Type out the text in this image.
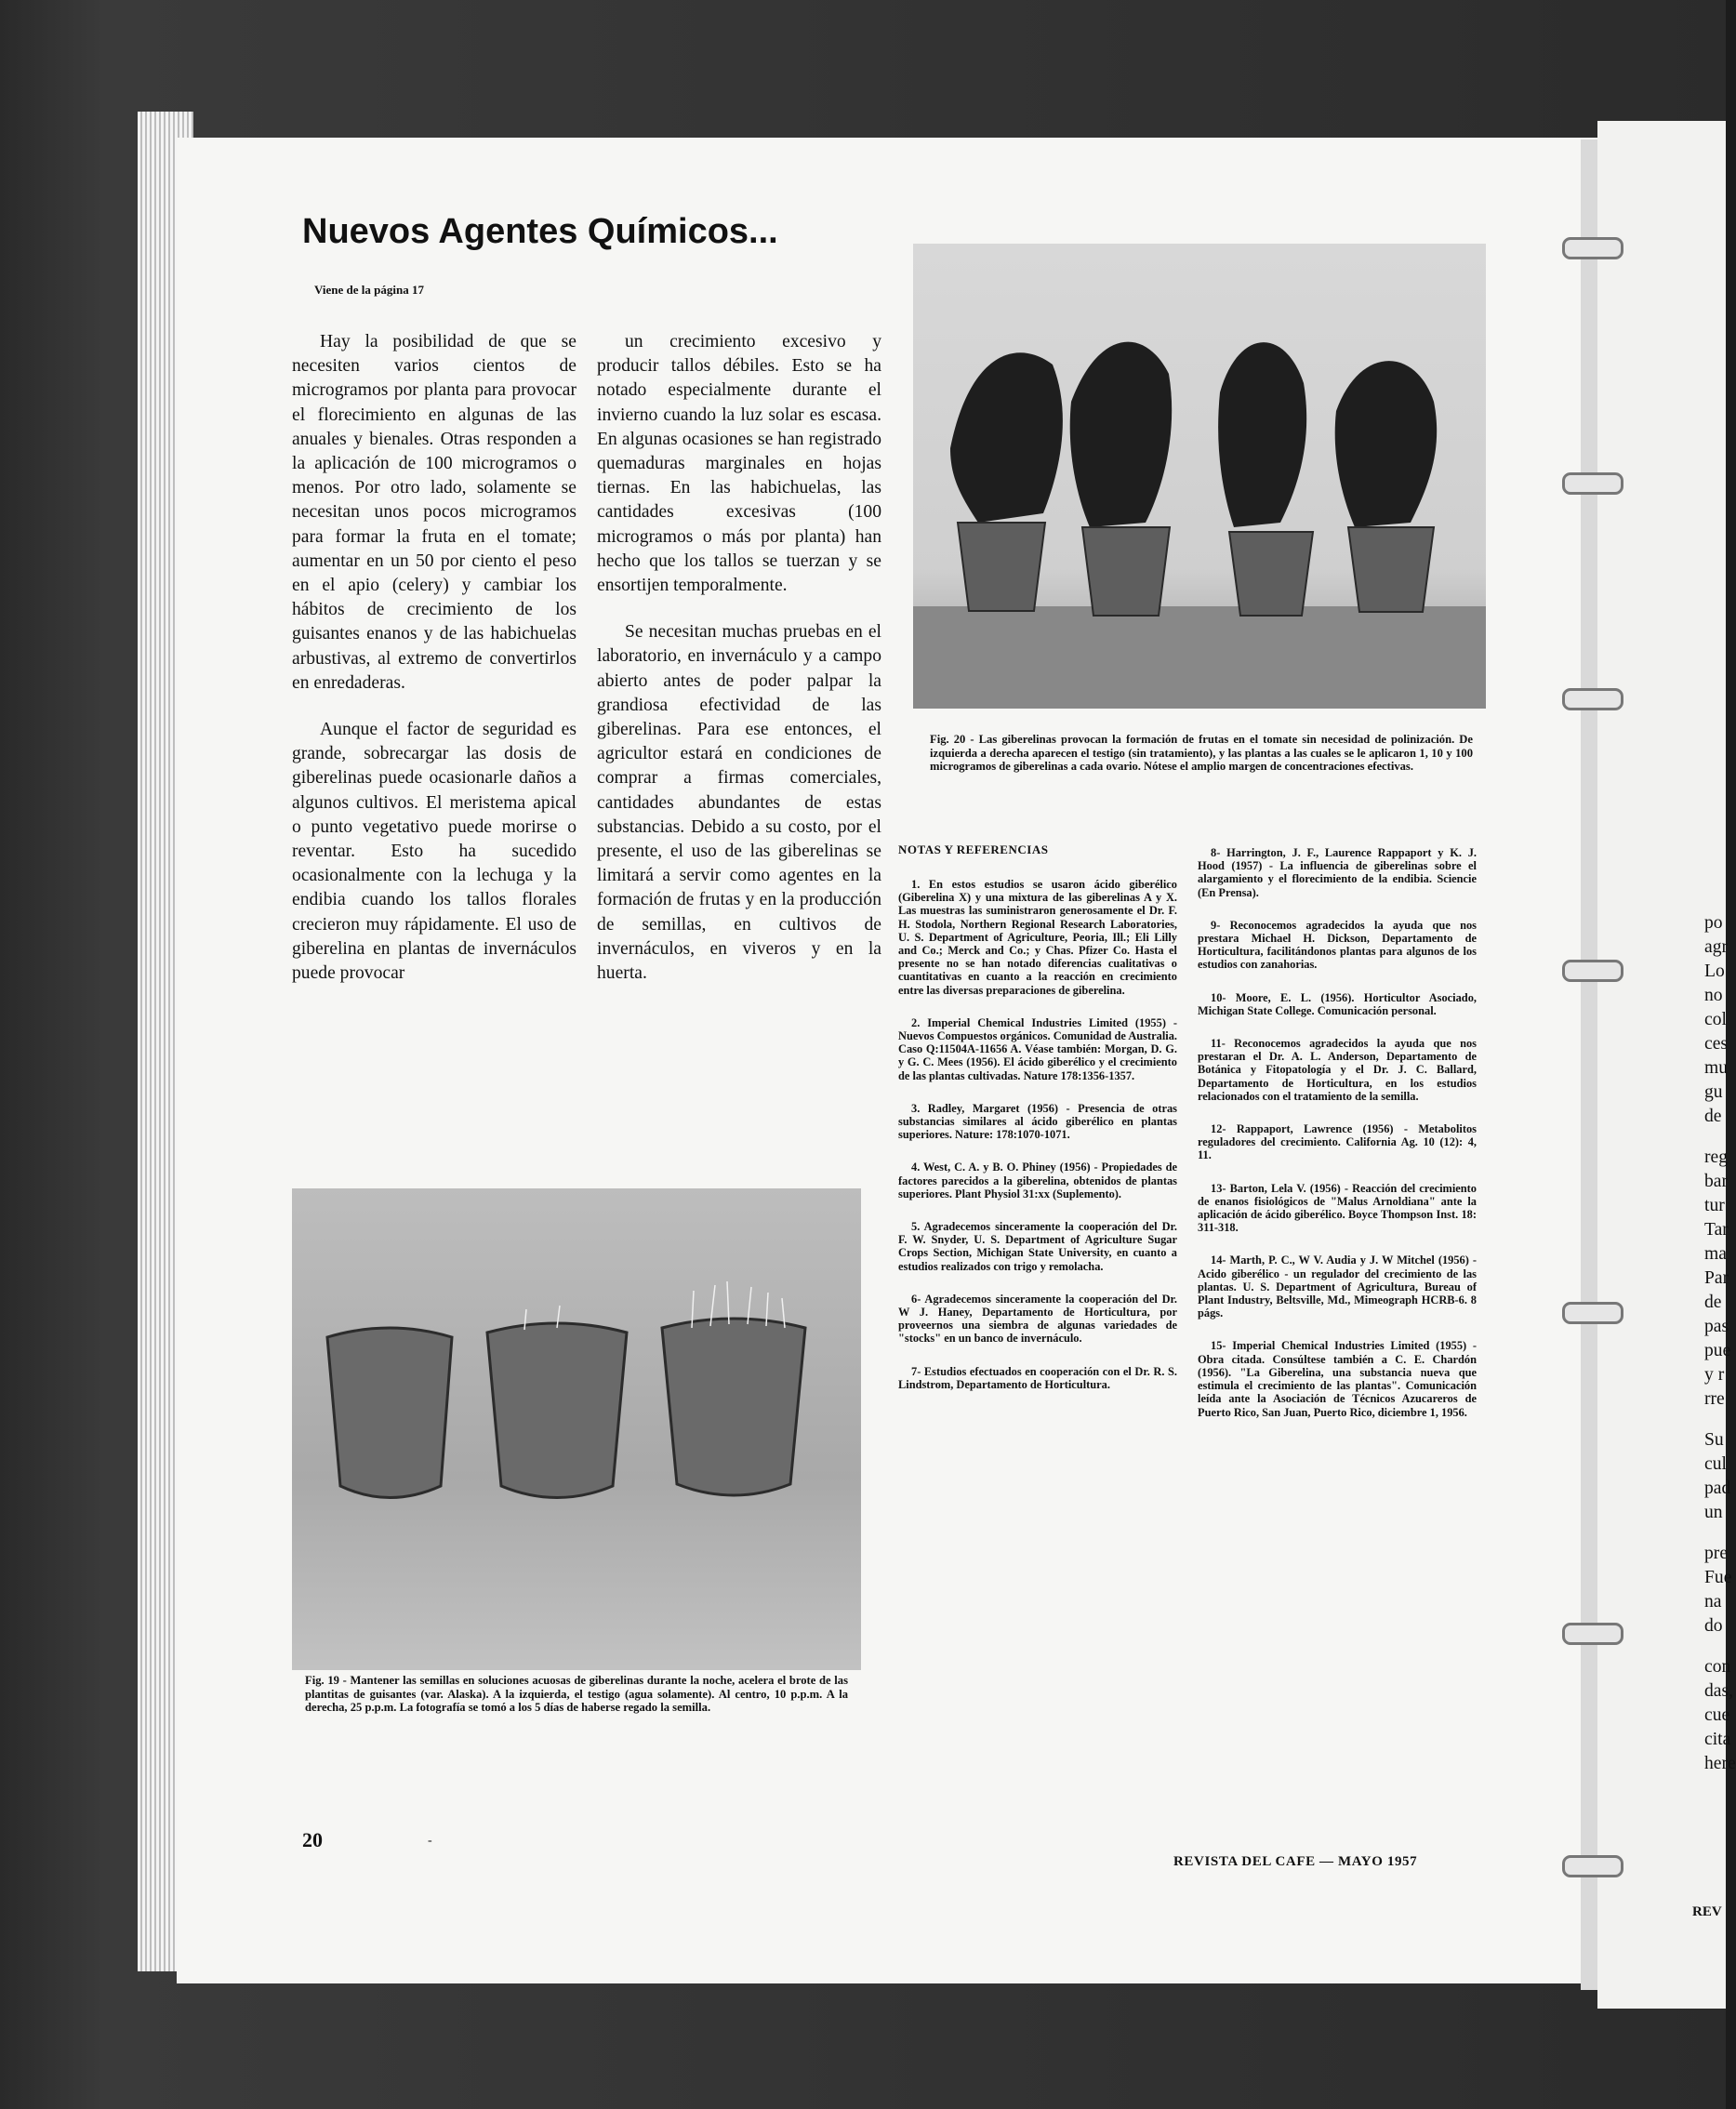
Nuevos Agentes Químicos...
Viene de la página 17

Hay la posibilidad de que se necesiten varios cientos de microgramos por planta para provocar el florecimiento en algunas de las anuales y bienales. Otras responden a la aplicación de 100 microgramos o menos. Por otro lado, solamente se necesitan unos pocos microgramos para formar la fruta en el tomate; aumentar en un 50 por ciento el peso en el apio (celery) y cambiar los hábitos de crecimiento de los guisantes enanos y de las habichuelas arbustivas, al extremo de convertirlos en enredaderas.

Aunque el factor de seguridad es grande, sobrecargar las dosis de giberelinas puede ocasionarle daños a algunos cultivos. El meristema apical o punto vegetativo puede morirse o reventar. Esto ha sucedido ocasionalmente con la lechuga y la endibia cuando los tallos florales crecieron muy rápidamente. El uso de giberelina en plantas de invernáculos puede provocar

un crecimiento excesivo y producir tallos débiles. Esto se ha notado especialmente durante el invierno cuando la luz solar es escasa. En algunas ocasiones se han registrado quemaduras marginales en hojas tiernas. En las habichuelas, las cantidades excesivas (100 microgramos o más por planta) han hecho que los tallos se tuerzan y se ensortijen temporalmente.

Se necesitan muchas pruebas en el laboratorio, en invernáculo y a campo abierto antes de poder palpar la grandiosa efectividad de las giberelinas. Para ese entonces, el agricultor estará en condiciones de comprar a firmas comerciales, cantidades abundantes de estas substancias. Debido a su costo, por el presente, el uso de las giberelinas se limitará a servir como agentes en la formación de frutas y en la producción de semillas, en cultivos de invernáculos, en viveros y en la huerta.

Fig. 20 - Las giberelinas provocan la formación de frutas en el tomate sin necesidad de polinización. De izquierda a derecha aparecen el testigo (sin tratamiento), y las plantas a las cuales se le aplicaron 1, 10 y 100 microgramos de giberelinas a cada ovario. Nótese el amplio margen de concentraciones efectivas.
Fig. 19 - Mantener las semillas en soluciones acuosas de giberelinas durante la noche, acelera el brote de las plantitas de guisantes (var. Alaska). A la izquierda, el testigo (agua solamente). Al centro, 10 p.p.m. A la derecha, 25 p.p.m. La fotografía se tomó a los 5 días de haberse regado la semilla.
NOTAS Y REFERENCIAS
1. En estos estudios se usaron ácido giberélico (Giberelina X) y una mixtura de las giberelinas A y X. Las muestras las suministraron generosamente el Dr. F. H. Stodola, Northern Regional Research Laboratories, U. S. Department of Agriculture, Peoria, Ill.; Eli Lilly and Co.; Merck and Co.; y Chas. Pfizer Co. Hasta el presente no se han notado diferencias cualitativas o cuantitativas en cuanto a la reacción en crecimiento entre las diversas preparaciones de giberelina.
2. Imperial Chemical Industries Limited (1955) - Nuevos Compuestos orgánicos. Comunidad de Australia. Caso Q:11504A-11656 A. Véase también: Morgan, D. G. y G. C. Mees (1956). El ácido giberélico y el crecimiento de las plantas cultivadas. Nature 178:1356-1357.
3. Radley, Margaret (1956) - Presencia de otras substancias similares al ácido giberélico en plantas superiores. Nature: 178:1070-1071.
4. West, C. A. y B. O. Phiney (1956) - Propiedades de factores parecidos a la giberelina, obtenidos de plantas superiores. Plant Physiol 31:xx (Suplemento).
5. Agradecemos sinceramente la cooperación del Dr. F. W. Snyder, U. S. Department of Agriculture Sugar Crops Section, Michigan State University, en cuanto a estudios realizados con trigo y remolacha.
6- Agradecemos sinceramente la cooperación del Dr. W J. Haney, Departamento de Horticultura, por proveernos una siembra de algunas variedades de "stocks" en un banco de invernáculo.
7- Estudios efectuados en cooperación con el Dr. R. S. Lindstrom, Departamento de Horticultura.
8- Harrington, J. F., Laurence Rappaport y K. J. Hood (1957) - La influencia de giberelinas sobre el alargamiento y el florecimiento de la endibia. Sciencie (En Prensa).
9- Reconocemos agradecidos la ayuda que nos prestara Michael H. Dickson, Departamento de Horticultura, facilitándonos plantas para algunos de los estudios con zanahorias.
10- Moore, E. L. (1956). Horticultor Asociado, Michigan State College. Comunicación personal.
11- Reconocemos agradecidos la ayuda que nos prestaran el Dr. A. L. Anderson, Departamento de Botánica y Fitopatología y el Dr. J. C. Ballard, Departamento de Horticultura, en los estudios relacionados con el tratamiento de la semilla.
12- Rappaport, Lawrence (1956) - Metabolitos reguladores del crecimiento. California Ag. 10 (12): 4, 11.
13- Barton, Lela V. (1956) - Reacción del crecimiento de enanos fisiológicos de "Malus Arnoldiana" ante la aplicación de ácido giberélico. Boyce Thompson Inst. 18: 311-318.
14- Marth, P. C., W V. Audia y J. W Mitchel (1956) - Acido giberélico - un regulador del crecimiento de las plantas. U. S. Department of Agricultura, Bureau of Plant Industry, Beltsville, Md., Mimeograph HCRB-6. 8 págs.
15- Imperial Chemical Industries Limited (1955) - Obra citada. Consúltese también a C. E. Chardón (1956). "La Giberelina, una substancia nueva que estimula el crecimiento de las plantas". Comunicación leída ante la Asociación de Técnicos Azucareros de Puerto Rico, San Juan, Puerto Rico, diciembre 1, 1956.
20	-
REVISTA DEL CAFE — MAYO 1957
REV
po
agr
Lo
no
col
ces
mu
gu
de
reg
bar
tur
Tar
ma
Par
de
pas
pue
y r
rre
Su
cul
pad
un
pre
Fue
na
do
con
das,
cue
cita
here
